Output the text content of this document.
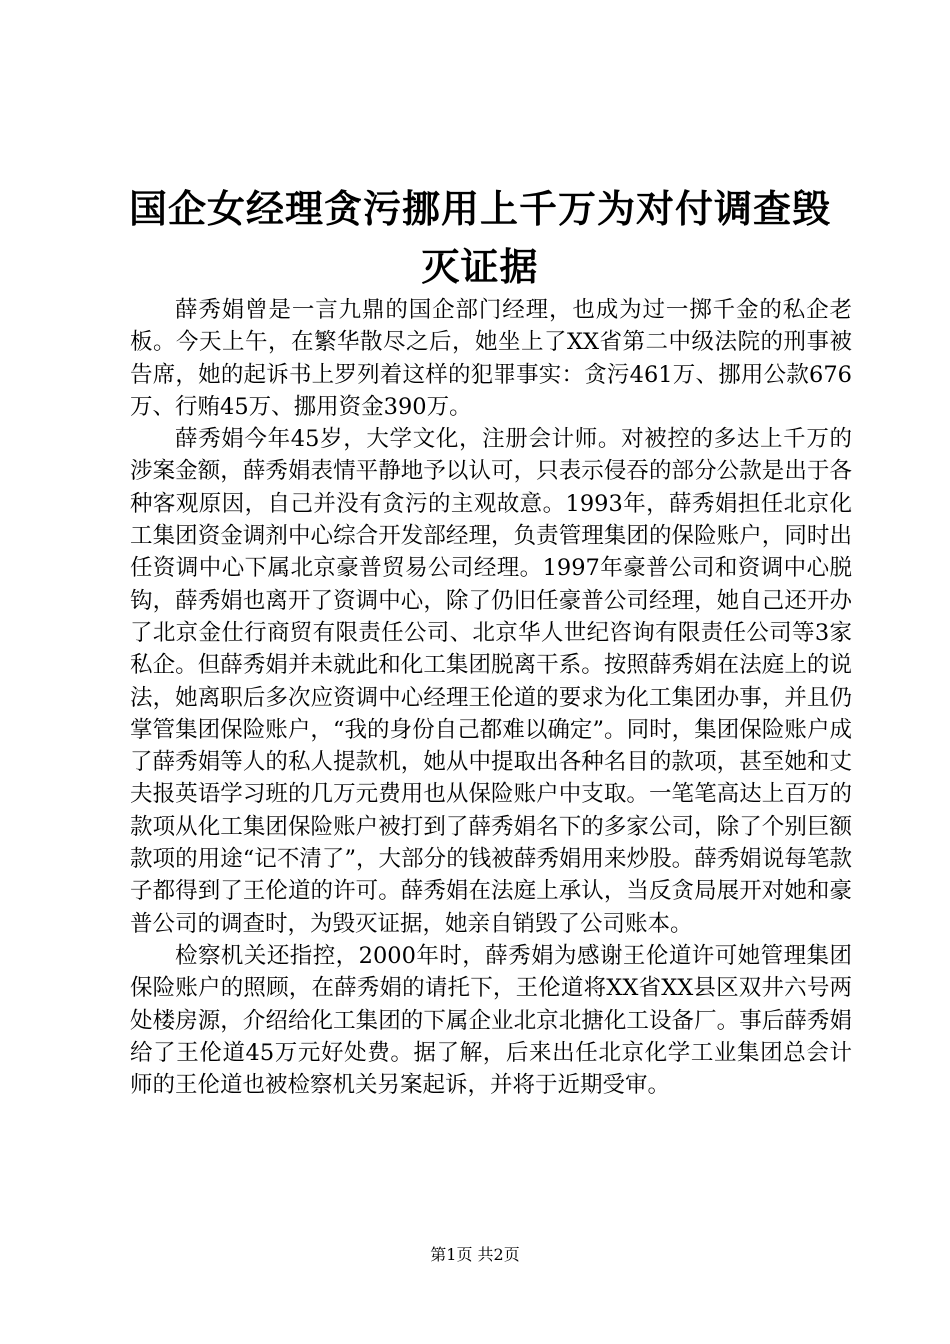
国企女经理贪污挪用上千万为对付调查毁灭证据

薛秀娟曾是一言九鼎的国企部门经理，也成为过一掷千金的私企老板。今天上午，在繁华散尽之后，她坐上了XX省第二中级法院的刑事被告席，她的起诉书上罗列着这样的犯罪事实：贪污461万、挪用公款676万、行贿45万、挪用资金390万。

薛秀娟今年45岁，大学文化，注册会计师。对被控的多达上千万的涉案金额，薛秀娟表情平静地予以认可，只表示侵吞的部分公款是出于各种客观原因，自己并没有贪污的主观故意。1993年，薛秀娟担任北京化工集团资金调剂中心综合开发部经理，负责管理集团的保险账户，同时出任资调中心下属北京豪普贸易公司经理。1997年豪普公司和资调中心脱钩，薛秀娟也离开了资调中心，除了仍旧任豪普公司经理，她自己还开办了北京金仕行商贸有限责任公司、北京华人世纪咨询有限责任公司等3家私企。但薛秀娟并未就此和化工集团脱离干系。按照薛秀娟在法庭上的说法，她离职后多次应资调中心经理王伦道的要求为化工集团办事，并且仍掌管集团保险账户，“我的身份自己都难以确定”。同时，集团保险账户成了薛秀娟等人的私人提款机，她从中提取出各种名目的款项，甚至她和丈夫报英语学习班的几万元费用也从保险账户中支取。一笔笔高达上百万的款项从化工集团保险账户被打到了薛秀娟名下的多家公司，除了个别巨额款项的用途“记不清了”，大部分的钱被薛秀娟用来炒股。薛秀娟说每笔款子都得到了王伦道的许可。薛秀娟在法庭上承认，当反贪局展开对她和豪普公司的调查时，为毁灭证据，她亲自销毁了公司账本。

检察机关还指控，2000年时，薛秀娟为感谢王伦道许可她管理集团保险账户的照顾，在薛秀娟的请托下，王伦道将XX省XX县区双井六号两处楼房源，介绍给化工集团的下属企业北京北搪化工设备厂。事后薛秀娟给了王伦道45万元好处费。据了解，后来出任北京化学工业集团总会计师的王伦道也被检察机关另案起诉，并将于近期受审。

第1页 共2页
